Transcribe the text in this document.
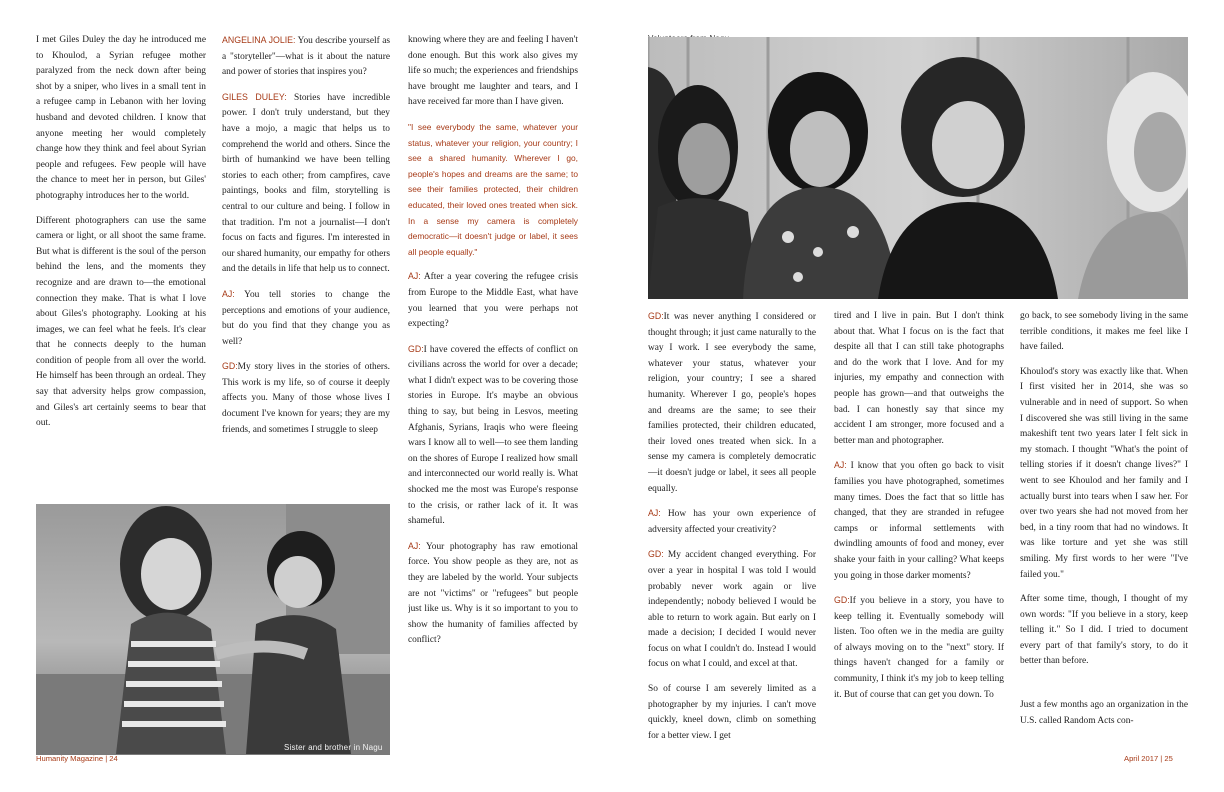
I met Giles Duley the day he introduced me to Khoulod, a Syrian refugee mother paralyzed from the neck down after being shot by a sniper, who lives in a small tent in a refugee camp in Lebanon with her loving husband and devoted children. I know that anyone meeting her would completely change how they think and feel about Syrian people and refugees. Few people will have the chance to meet her in person, but Giles' photography introduces her to the world.

Different photographers can use the same camera or light, or all shoot the same frame. But what is different is the soul of the person behind the lens, and the moments they recognize and are drawn to—the emotional connection they make. That is what I love about Giles's photography. Looking at his images, we can feel what he feels. It's clear that he connects deeply to the human condition of people from all over the world. He himself has been through an ordeal. They say that adversity helps grow compassion, and Giles's art certainly seems to bear that out.

ANGELINA JOLIE: You describe yourself as a "storyteller"—what is it about the nature and power of stories that inspires you?

GILES DULEY: Stories have incredible power. I don't truly understand, but they have a mojo, a magic that helps us to comprehend the world and others. Since the birth of humankind we have been telling stories to each other; from campfires, cave paintings, books and film, storytelling is central to our culture and being. I follow in that tradition. I'm not a journalist—I don't focus on facts and figures. I'm interested in our shared humanity, our empathy for others and the details in life that help us to connect.

AJ: You tell stories to change the perceptions and emotions of your audience, but do you find that they change you as well?

GD:My story lives in the stories of others. This work is my life, so of course it deeply affects you. Many of those whose lives I document I've known for years; they are my friends, and sometimes I struggle to sleep

knowing where they are and feeling I haven't done enough. But this work also gives my life so much; the experiences and friendships have brought me laughter and tears, and I have received far more than I have given.

"I see everybody the same, whatever your status, whatever your religion, your country; I see a shared humanity. Wherever I go, people's hopes and dreams are the same; to see their families protected, their children educated, their loved ones treated when sick. In a sense my camera is completely democratic—it doesn't judge or label, it sees all people equally."

AJ: After a year covering the refugee crisis from Europe to the Middle East, what have you learned that you were perhaps not expecting?

GD:I have covered the effects of conflict on civilians across the world for over a decade; what I didn't expect was to be covering those stories in Europe. It's maybe an obvious thing to say, but being in Lesvos, meeting Afghanis, Syrians, Iraqis who were fleeing wars I know all to well—to see them landing on the shores of Europe I realized how small and interconnected our world really is. What shocked me the most was Europe's response to the crisis, or rather lack of it. It was shameful.

AJ: Your photography has raw emotional force. You show people as they are, not as they are labeled by the world. Your subjects are not "victims" or "refugees" but people just like us. Why is it so important to you to show the humanity of families affected by conflict?

Sister and brother in Nagu
Humanity Magazine | 24

GD:It was never anything I considered or thought through; it just came naturally to the way I work. I see everybody the same, whatever your status, whatever your religion, your country; I see a shared humanity. Wherever I go, people's hopes and dreams are the same; to see their families protected, their children educated, their loved ones treated when sick. In a sense my camera is completely democratic—it doesn't judge or label, it sees all people equally.

AJ: How has your own experience of adversity affected your creativity?

GD: My accident changed everything. For over a year in hospital I was told I would probably never work again or live independently; nobody believed I would be able to return to work again. But early on I made a decision; I decided I would never focus on what I couldn't do. Instead I would focus on what I could, and excel at that.

So of course I am severely limited as a photographer by my injuries. I can't move quickly, kneel down, climb on something for a better view. I get

tired and I live in pain. But I don't think about that. What I focus on is the fact that despite all that I can still take photographs and do the work that I love. And for my injuries, my empathy and connection with people has grown—and that outweighs the bad. I can honestly say that since my accident I am stronger, more focused and a better man and photographer.

AJ: I know that you often go back to visit families you have photographed, sometimes many times. Does the fact that so little has changed, that they are stranded in refugee camps or informal settlements with dwindling amounts of food and money, ever shake your faith in your calling? What keeps you going in those darker moments?

GD:If you believe in a story, you have to keep telling it. Eventually somebody will listen. Too often we in the media are guilty of always moving on to the "next" story. If things haven't changed for a family or community, I think it's my job to keep telling it. But of course that can get you down. To

go back, to see somebody living in the same terrible conditions, it makes me feel like I have failed.

Khoulod's story was exactly like that. When I first visited her in 2014, she was so vulnerable and in need of support. So when I discovered she was still living in the same makeshift tent two years later I felt sick in my stomach. I thought "What's the point of telling stories if it doesn't change lives?" I went to see Khoulod and her family and I actually burst into tears when I saw her. For over two years she had not moved from her bed, in a tiny room that had no windows. It was like torture and yet she was still smiling. My first words to her were "I've failed you."

After some time, though, I thought of my own words: "If you believe in a story, keep telling it." So I did. I tried to document every part of that family's story, to do it better than before.

Just a few months ago an organization in the U.S. called Random Acts con-

April 2017 | 25
